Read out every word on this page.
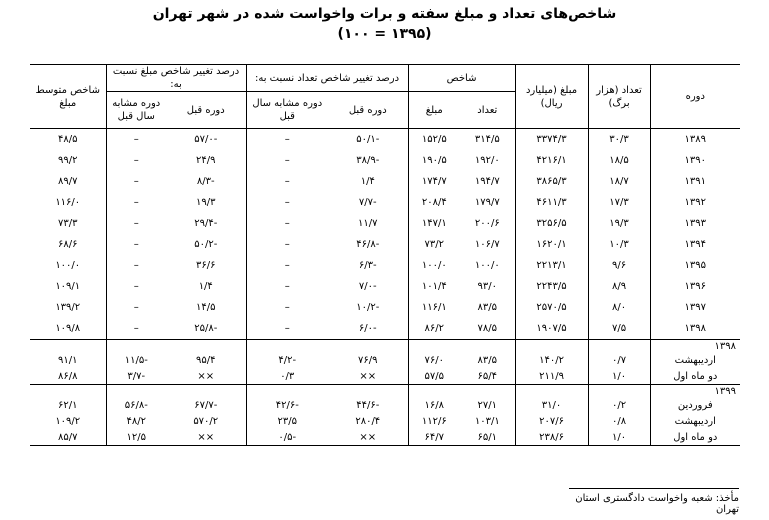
شاخص‌های تعداد و مبلغ سفته و برات واخواست شده در شهر تهران
(۱۰۰ = ۱۳۹۵)
دوره	تعداد (هزار برگ)	مبلغ (میلیارد ریال)	شاخص		درصد تغییر شاخص تعداد نسبت به:		درصد تغییر شاخص مبلغ نسبت به:		شاخص متوسط مبلغ
			تعداد	مبلغ	دوره قبل	دوره مشابه سال قبل	دوره قبل	دوره مشابه سال قبل	
۱۳۸۹	۳۰/۳	۳۳۷۴/۳	۳۱۴/۵	۱۵۲/۵	-۵۰/۱	–	-۵۷/۰	–	۴۸/۵
۱۳۹۰	۱۸/۵	۴۲۱۶/۱	۱۹۲/۰	۱۹۰/۵	-۳۸/۹	–	۲۴/۹	–	۹۹/۲
۱۳۹۱	۱۸/۷	۳۸۶۵/۳	۱۹۴/۷	۱۷۴/۷	۱/۴	–	-۸/۳	–	۸۹/۷
۱۳۹۲	۱۷/۳	۴۶۱۱/۳	۱۷۹/۷	۲۰۸/۴	-۷/۷	–	۱۹/۳	–	۱۱۶/۰
۱۳۹۳	۱۹/۳	۳۲۵۶/۵	۲۰۰/۶	۱۴۷/۱	۱۱/۷	–	-۲۹/۴	–	۷۳/۳
۱۳۹۴	۱۰/۳	۱۶۲۰/۱	۱۰۶/۷	۷۳/۲	-۴۶/۸	–	-۵۰/۲	–	۶۸/۶
۱۳۹۵	۹/۶	۲۲۱۳/۱	۱۰۰/۰	۱۰۰/۰	-۶/۳	–	۳۶/۶	–	۱۰۰/۰
۱۳۹۶	۸/۹	۲۲۴۳/۵	۹۳/۰	۱۰۱/۴	-۷/۰	–	۱/۴	–	۱۰۹/۱
۱۳۹۷	۸/۰	۲۵۷۰/۵	۸۳/۵	۱۱۶/۱	-۱۰/۲	–	۱۴/۵	–	۱۳۹/۲
۱۳۹۸	۷/۵	۱۹۰۷/۵	۷۸/۵	۸۶/۲	-۶/۰	–	-۲۵/۸	–	۱۰۹/۸
۱۳۹۸									
اردیبهشت	۰/۷	۱۴۰/۲	۸۳/۵	۷۶/۰	۷۶/۹	-۴/۲	۹۵/۴	-۱۱/۵	۹۱/۱
دو ماه اول	۱/۰	۲۱۱/۹	۶۵/۴	۵۷/۵	××	۰/۳	××	-۳/۷	۸۶/۸
۱۳۹۹									
فروردین	۰/۲	۳۱/۰	۲۷/۱	۱۶/۸	-۴۴/۶	-۴۲/۶	-۶۷/۷	-۵۶/۸	۶۲/۱
اردیبهشت	۰/۸	۲۰۷/۶	۱۰۳/۱	۱۱۲/۶	۲۸۰/۴	۲۳/۵	۵۷۰/۲	۴۸/۲	۱۰۹/۲
دو ماه اول	۱/۰	۲۳۸/۶	۶۵/۱	۶۴/۷	××	-۰/۵	××	۱۲/۵	۸۵/۷
مأخذ: شعبه واخواست دادگستری استان تهران
